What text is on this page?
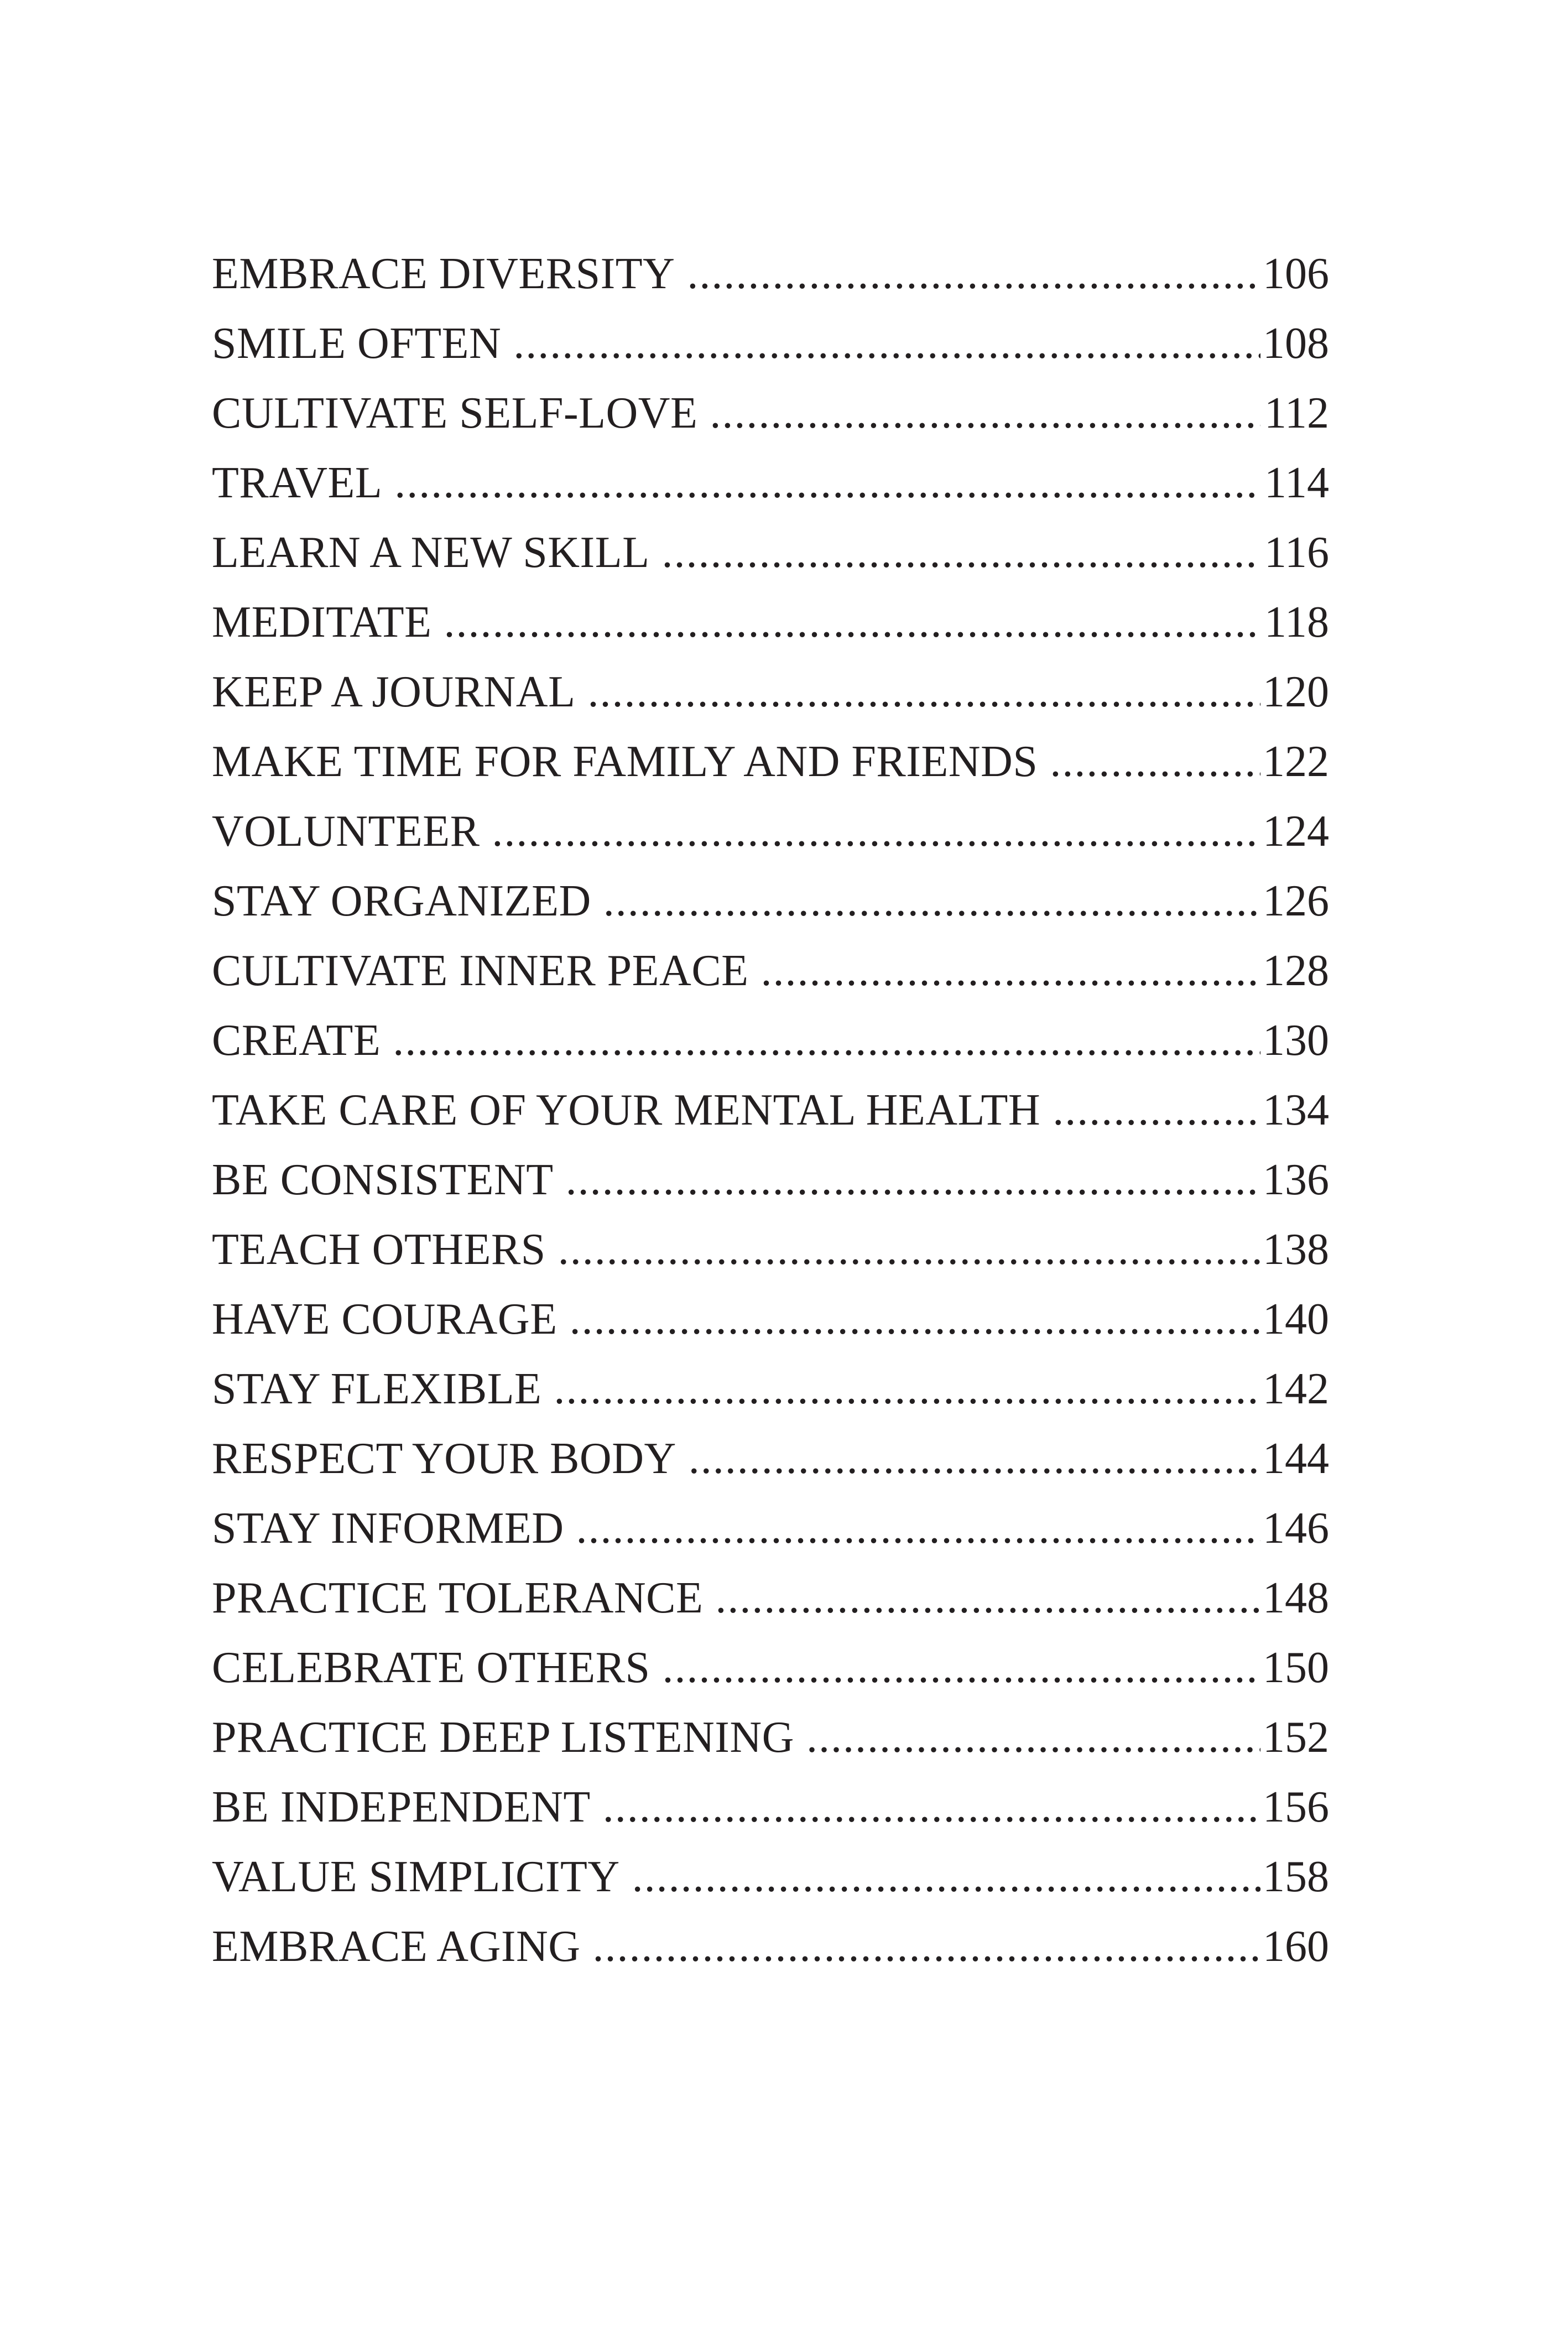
EMBRACE DIVERSITY .....	106
SMILE OFTEN .....	108
CULTIVATE SELF-LOVE .....	112
TRAVEL .....	114
LEARN A NEW SKILL .....	116
MEDITATE .....	118
KEEP A JOURNAL .....	120
MAKE TIME FOR FAMILY AND FRIENDS .....	122
VOLUNTEER .....	124
STAY ORGANIZED .....	126
CULTIVATE INNER PEACE .....	128
CREATE .....	130
TAKE CARE OF YOUR MENTAL HEALTH .....	134
BE CONSISTENT .....	136
TEACH OTHERS .....	138
HAVE COURAGE .....	140
STAY FLEXIBLE .....	142
RESPECT YOUR BODY .....	144
STAY INFORMED .....	146
PRACTICE TOLERANCE .....	148
CELEBRATE OTHERS .....	150
PRACTICE DEEP LISTENING .....	152
BE INDEPENDENT .....	156
VALUE SIMPLICITY .....	158
EMBRACE AGING .....	160
